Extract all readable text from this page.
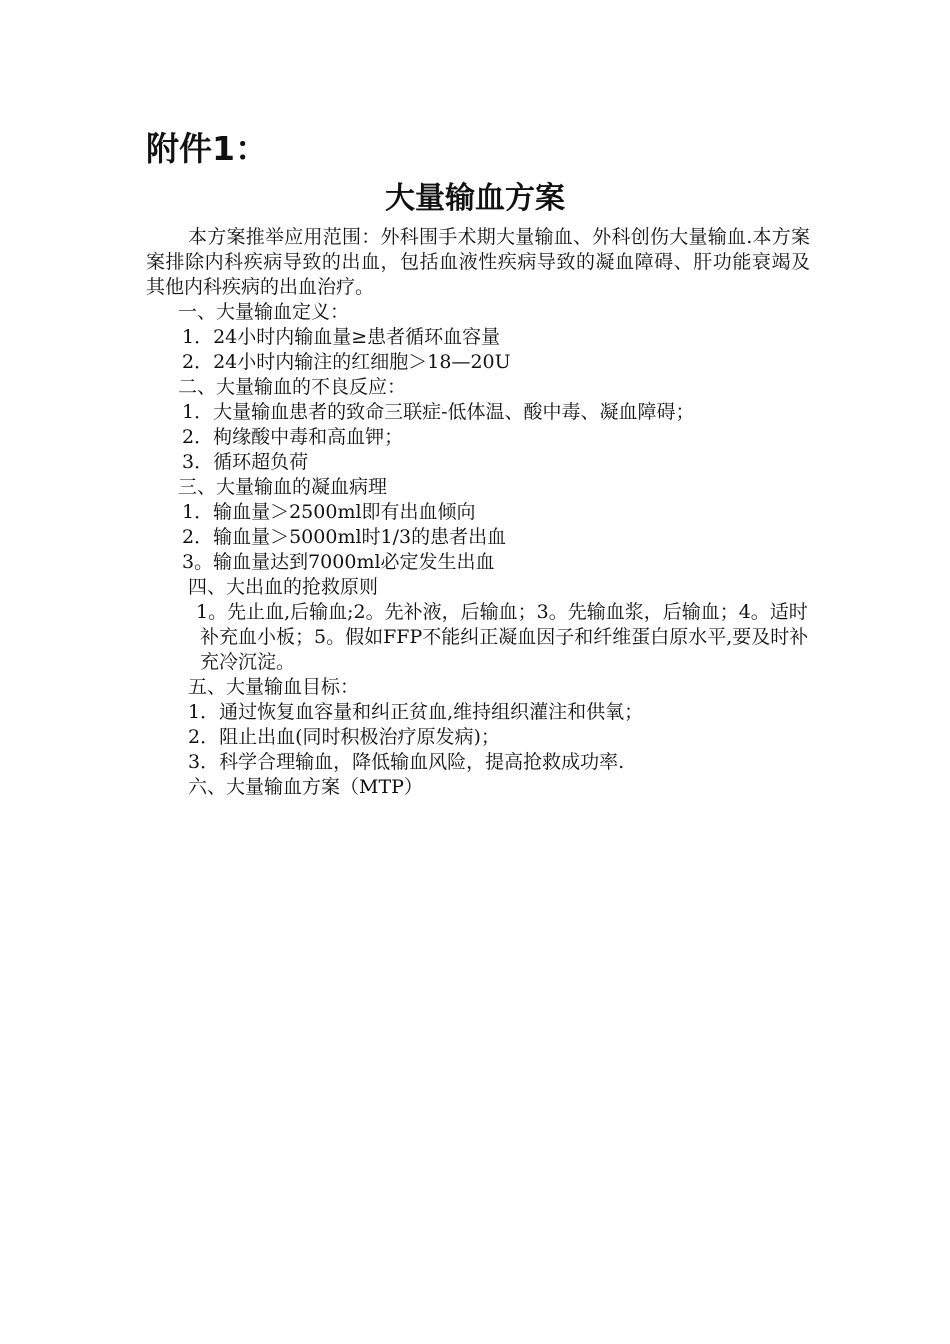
附件1：
大量输血方案

本方案推举应用范围：外科围手术期大量输血、外科创伤大量输血.本方案案排除内科疾病导致的出血，包括血液性疾病导致的凝血障碍、肝功能衰竭及其他内科疾病的出血治疗。

一、大量输血定义：

1．24小时内输血量≥患者循环血容量

2．24小时内输注的红细胞＞18—20U

二、大量输血的不良反应：

1．大量输血患者的致命三联症-低体温、酸中毒、凝血障碍；

2．枸缘酸中毒和高血钾；

3．循环超负荷

三、大量输血的凝血病理

1．输血量＞2500ml即有出血倾向

2．输血量＞5000ml时1/3的患者出血

3。输血量达到7000ml必定发生出血

四、大出血的抢救原则

1。先止血,后输血;2。先补液，后输血；3。先输血浆，后输血；4。适时补充血小板；5。假如FFP不能纠正凝血因子和纤维蛋白原水平,要及时补充冷沉淀。

五、大量输血目标：

1．通过恢复血容量和纠正贫血,维持组织灌注和供氧；

2．阻止出血(同时积极治疗原发病)；

3．科学合理输血，降低输血风险，提高抢救成功率.

六、大量输血方案（MTP）
